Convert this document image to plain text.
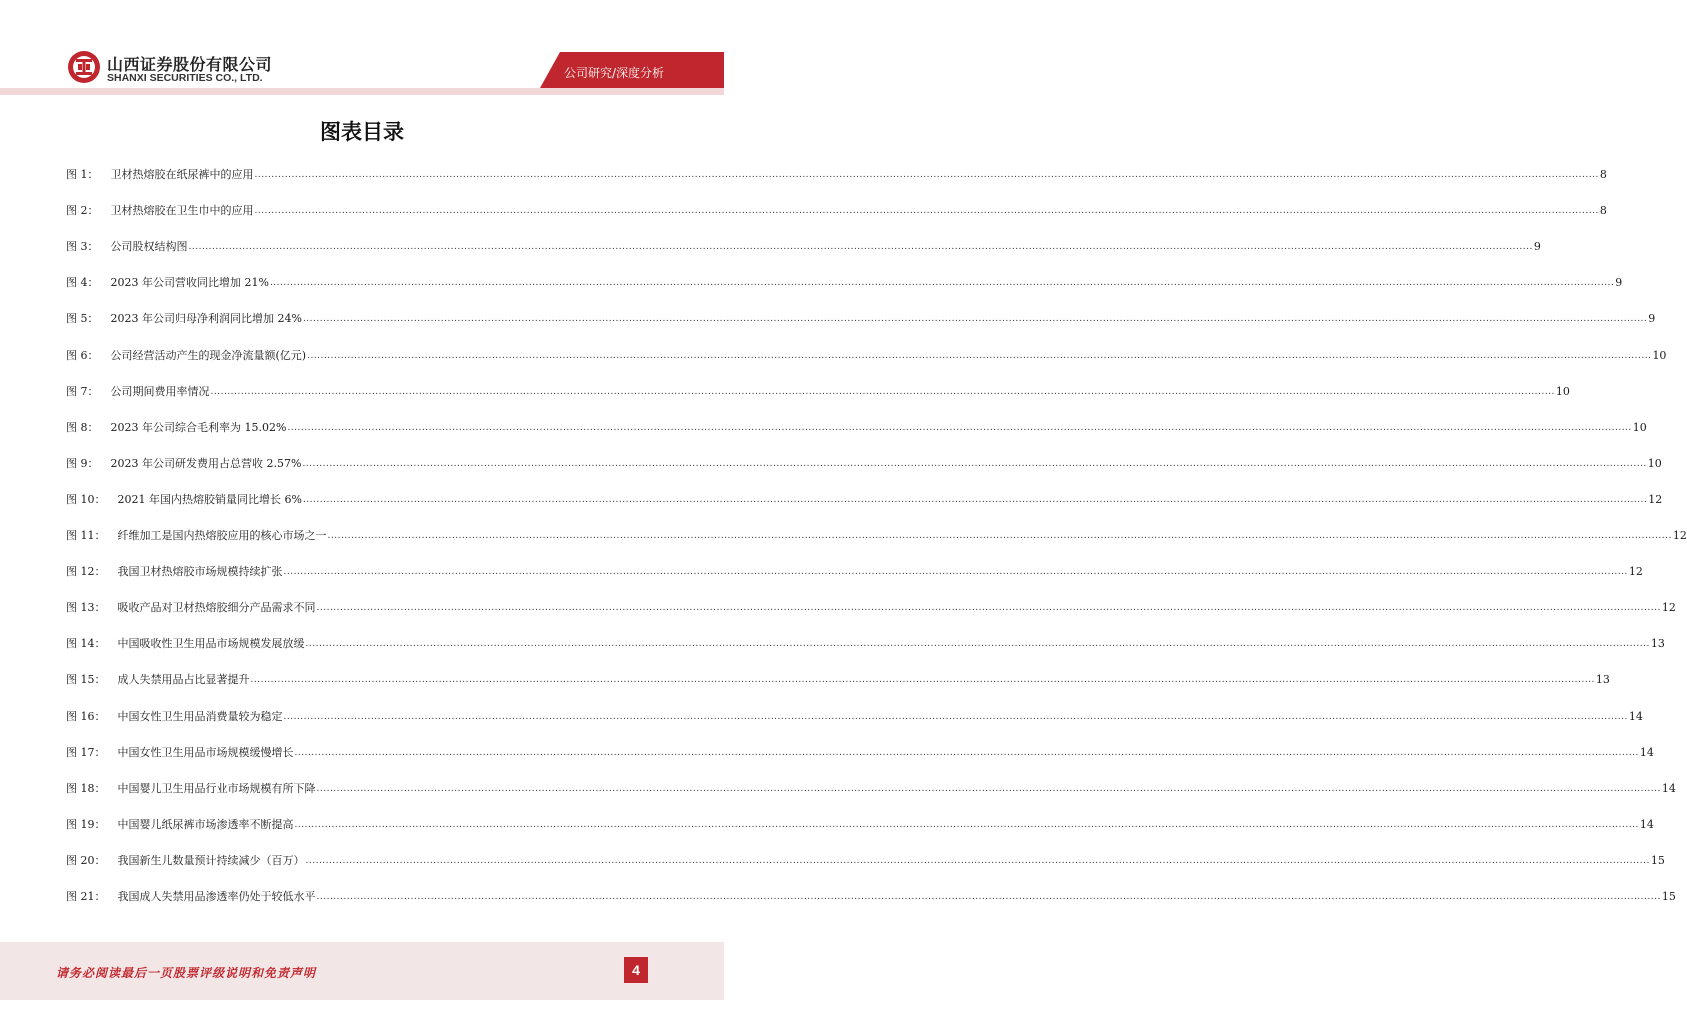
山西证券股份有限公司
SHANXI SECURITIES CO., LTD.	公司研究/深度分析
图表目录
图 1： 卫材热熔胶在纸尿裤中的应用 ................................................................................................................................................................................................................................................................................................................................................................................................................ 8
图 2： 卫材热熔胶在卫生巾中的应用 ................................................................................................................................................................................................................................................................................................................................................................................................................ 8
图 3： 公司股权结构图 ................................................................................................................................................................................................................................................................................................................................................................................................................ 9
图 4： 2023 年公司营收同比增加 21% ................................................................................................................................................................................................................................................................................................................................................................................................................ 9
图 5： 2023 年公司归母净利润同比增加 24% ................................................................................................................................................................................................................................................................................................................................................................................................................ 9
图 6： 公司经营活动产生的现金净流量额(亿元) ................................................................................................................................................................................................................................................................................................................................................................................................................ 10
图 7： 公司期间费用率情况 ................................................................................................................................................................................................................................................................................................................................................................................................................ 10
图 8： 2023 年公司综合毛利率为 15.02% ................................................................................................................................................................................................................................................................................................................................................................................................................ 10
图 9： 2023 年公司研发费用占总营收 2.57% ................................................................................................................................................................................................................................................................................................................................................................................................................ 10
图 10： 2021 年国内热熔胶销量同比增长 6% ................................................................................................................................................................................................................................................................................................................................................................................................................ 12
图 11： 纤维加工是国内热熔胶应用的核心市场之一 ................................................................................................................................................................................................................................................................................................................................................................................................................ 12
图 12： 我国卫材热熔胶市场规模持续扩张 ................................................................................................................................................................................................................................................................................................................................................................................................................ 12
图 13： 吸收产品对卫材热熔胶细分产品需求不同 ................................................................................................................................................................................................................................................................................................................................................................................................................ 12
图 14： 中国吸收性卫生用品市场规模发展放缓 ................................................................................................................................................................................................................................................................................................................................................................................................................ 13
图 15： 成人失禁用品占比显著提升 ................................................................................................................................................................................................................................................................................................................................................................................................................ 13
图 16： 中国女性卫生用品消费量较为稳定 ................................................................................................................................................................................................................................................................................................................................................................................................................ 14
图 17： 中国女性卫生用品市场规模缓慢增长 ................................................................................................................................................................................................................................................................................................................................................................................................................ 14
图 18： 中国婴儿卫生用品行业市场规模有所下降 ................................................................................................................................................................................................................................................................................................................................................................................................................ 14
图 19： 中国婴儿纸尿裤市场渗透率不断提高 ................................................................................................................................................................................................................................................................................................................................................................................................................ 14
图 20： 我国新生儿数量预计持续减少（百万） ................................................................................................................................................................................................................................................................................................................................................................................................................ 15
图 21： 我国成人失禁用品渗透率仍处于较低水平 ................................................................................................................................................................................................................................................................................................................................................................................................................ 15
请务必阅读最后一页股票评级说明和免责声明	4
